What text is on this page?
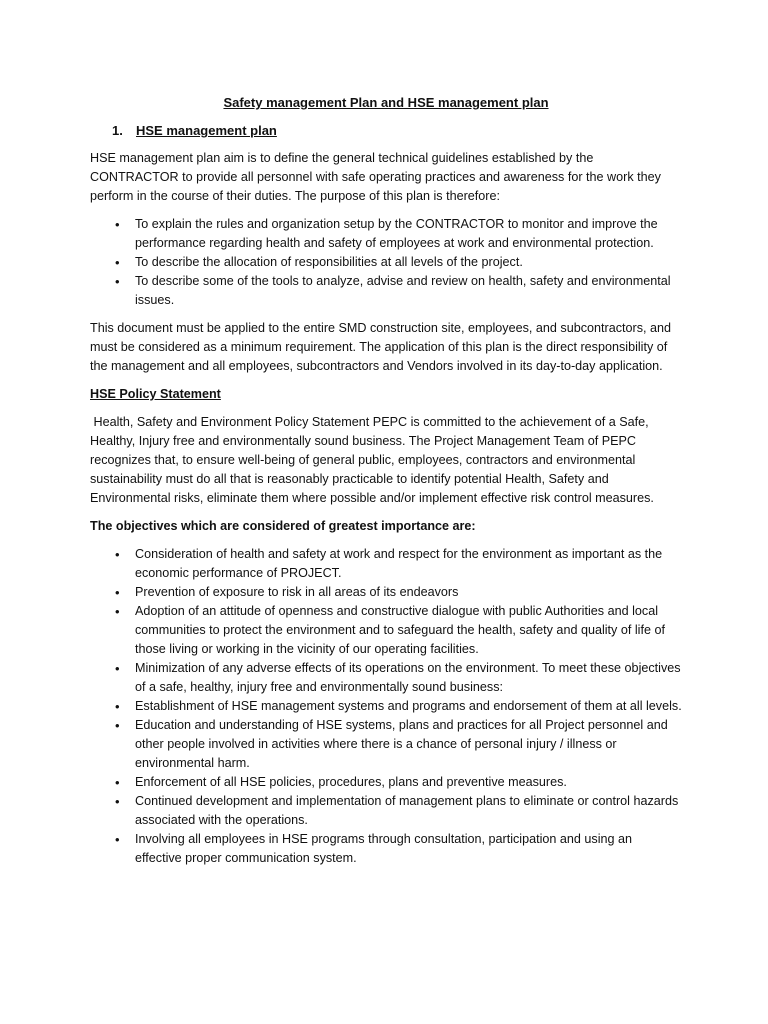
Safety management Plan and HSE management plan
1.	HSE management plan

HSE management plan aim is to define the general technical guidelines established by the CONTRACTOR to provide all personnel with safe operating practices and awareness for the work they perform in the course of their duties. The purpose of this plan is therefore:

• To explain the rules and organization setup by the CONTRACTOR to monitor and improve the performance regarding health and safety of employees at work and environmental protection.
• To describe the allocation of responsibilities at all levels of the project.
• To describe some of the tools to analyze, advise and review on health, safety and environmental issues.

This document must be applied to the entire SMD construction site, employees, and subcontractors, and must be considered as a minimum requirement. The application of this plan is the direct responsibility of the management and all employees, subcontractors and Vendors involved in its day-to-day application.

HSE Policy Statement

Health, Safety and Environment Policy Statement PEPC is committed to the achievement of a Safe, Healthy, Injury free and environmentally sound business. The Project Management Team of PEPC recognizes that, to ensure well-being of general public, employees, contractors and environmental sustainability must do all that is reasonably practicable to identify potential Health, Safety and Environmental risks, eliminate them where possible and/or implement effective risk control measures.

The objectives which are considered of greatest importance are:
• Consideration of health and safety at work and respect for the environment as important as the economic performance of PROJECT.
• Prevention of exposure to risk in all areas of its endeavors
• Adoption of an attitude of openness and constructive dialogue with public Authorities and local communities to protect the environment and to safeguard the health, safety and quality of life of those living or working in the vicinity of our operating facilities.
• Minimization of any adverse effects of its operations on the environment. To meet these objectives of a safe, healthy, injury free and environmentally sound business:
• Establishment of HSE management systems and programs and endorsement of them at all levels.
• Education and understanding of HSE systems, plans and practices for all Project personnel and other people involved in activities where there is a chance of personal injury / illness or environmental harm.
• Enforcement of all HSE policies, procedures, plans and preventive measures.
• Continued development and implementation of management plans to eliminate or control hazards associated with the operations.
• Involving all employees in HSE programs through consultation, participation and using an effective proper communication system.
